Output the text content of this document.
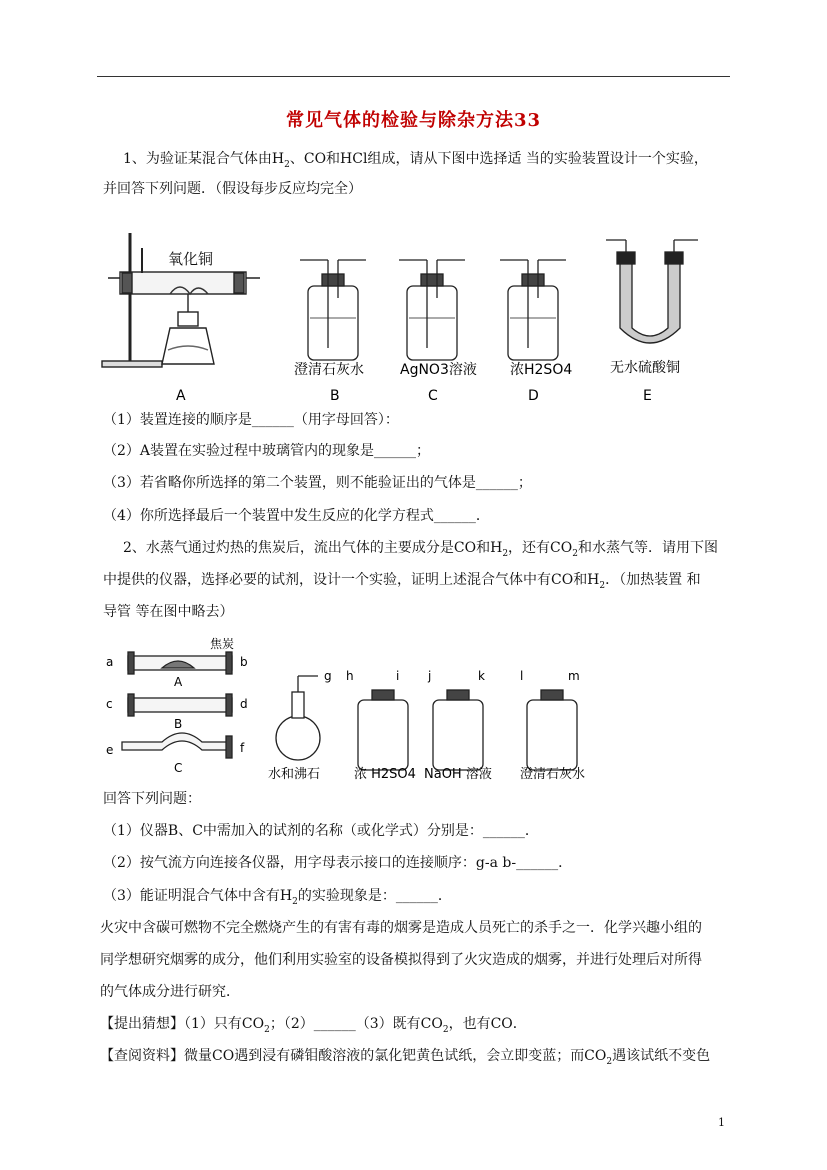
常见气体的检验与除杂方法33
1、为验证某混合气体由$H_2$、CO和HCl组成，请从下图中选择适 当的实验装置设计一个实验，
并回答下列问题．（假设每步反应均完全）
氧化铜
澄清石灰水	AgNO3溶液 浓H2SO4	无水硫酸铜
A	B	C	D	E
（1）装置连接的顺序是______（用字母回答）：
（2）A装置在实验过程中玻璃管内的现象是______；
（3）若省略你所选择的第二个装置，则不能验证出的气体是______；
（4）你所选择最后一个装置中发生反应的化学方程式______．
2、水蒸气通过灼热的焦炭后，流出气体的主要成分是CO和$H_2$，还有$CO_2$和水蒸气等．请用下图
中提供的仪器，选择必要的试剂，设计一个实验，证明上述混合气体中有CO和$H_2$．（加热装置 和
导管 等在图中略去）
焦炭
a	b
c	d
e	f
g h	i j	k	l	m
A
B
C	水和沸石	浓 H2SO4 NaOH 溶液 澄清石灰水
回答下列问题：
（1）仪器B、C中需加入的试剂的名称（或化学式）分别是：______．
（2）按气流方向连接各仪器，用字母表示接口的连接顺序：g-a b-______．
（3）能证明混合气体中含有$H_2$的实验现象是：______．
火灾中含碳可燃物不完全燃烧产生的有害有毒的烟雾是造成人员死亡的杀手之一．化学兴趣小组的
同学想研究烟雾的成分，他们利用实验室的设备模拟得到了火灾造成的烟雾，并进行处理后对所得
的气体成分进行研究．
【提出猜想】（1）只有$CO_2$；（2）______（3）既有$CO_2$，也有CO．
【查阅资料】微量CO遇到浸有磷钼酸溶液的氯化钯黄色试纸，会立即变蓝；而$CO_2$遇该试纸不变色
1
